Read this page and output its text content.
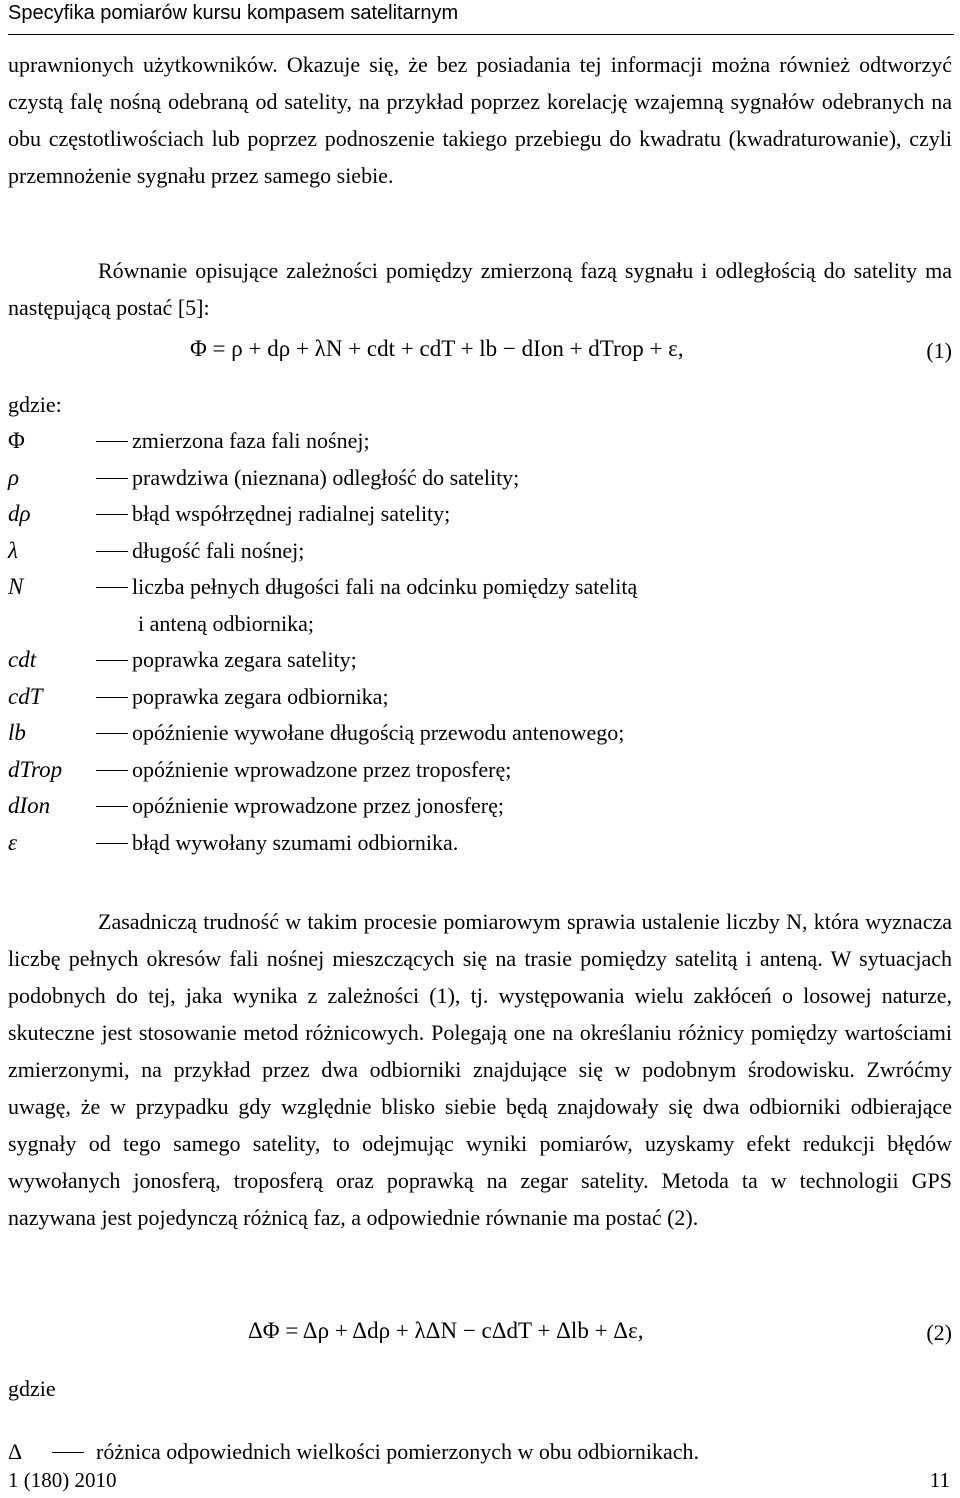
Specyfika pomiarów kursu kompasem satelitarnym
uprawnionych użytkowników. Okazuje się, że bez posiadania tej informacji można również odtworzyć czystą falę nośną odebraną od satelity, na przykład poprzez korelację wzajemną sygnałów odebranych na obu częstotliwościach lub poprzez podnoszenie takiego przebiegu do kwadratu (kwadraturowanie), czyli przemnożenie sygnału przez samego siebie.
Równanie opisujące zależności pomiędzy zmierzoną fazą sygnału i odległością do satelity ma następującą postać [5]:
Φ = ρ + dρ + λN + cdt + cdT + lb − dIon + dTrop + ε,	(1)
gdzie:
Φ	zmierzona faza fali nośnej;
ρ	prawdziwa (nieznana) odległość do satelity;
dρ	błąd współrzędnej radialnej satelity;
λ	długość fali nośnej;
N	liczba pełnych długości fali na odcinku pomiędzy satelitą
i anteną odbiornika;
cdt	poprawka zegara satelity;
cdT	poprawka zegara odbiornika;
lb	opóźnienie wywołane długością przewodu antenowego;
dTrop	opóźnienie wprowadzone przez troposferę;
dIon	opóźnienie wprowadzone przez jonosferę;
ε	błąd wywołany szumami odbiornika.
Zasadniczą trudność w takim procesie pomiarowym sprawia ustalenie liczby N, która wyznacza liczbę pełnych okresów fali nośnej mieszczących się na trasie pomiędzy satelitą i anteną. W sytuacjach podobnych do tej, jaka wynika z zależności (1), tj. występowania wielu zakłóceń o losowej naturze, skuteczne jest stosowanie metod różnicowych. Polegają one na określaniu różnicy pomiędzy wartościami zmierzonymi, na przykład przez dwa odbiorniki znajdujące się w podobnym środowisku. Zwróćmy uwagę, że w przypadku gdy względnie blisko siebie będą znajdowały się dwa odbiorniki odbierające sygnały od tego samego satelity, to odejmując wyniki pomiarów, uzyskamy efekt redukcji błędów wywołanych jonosferą, troposferą oraz poprawką na zegar satelity. Metoda ta w technologii GPS nazywana jest pojedynczą różnicą faz, a odpowiednie równanie ma postać (2).
ΔΦ = Δρ + Δdρ + λΔN − cΔdT + Δlb + Δε,	(2)
gdzie
Δ	różnica odpowiednich wielkości pomierzonych w obu odbiornikach.
1 (180) 2010	11
